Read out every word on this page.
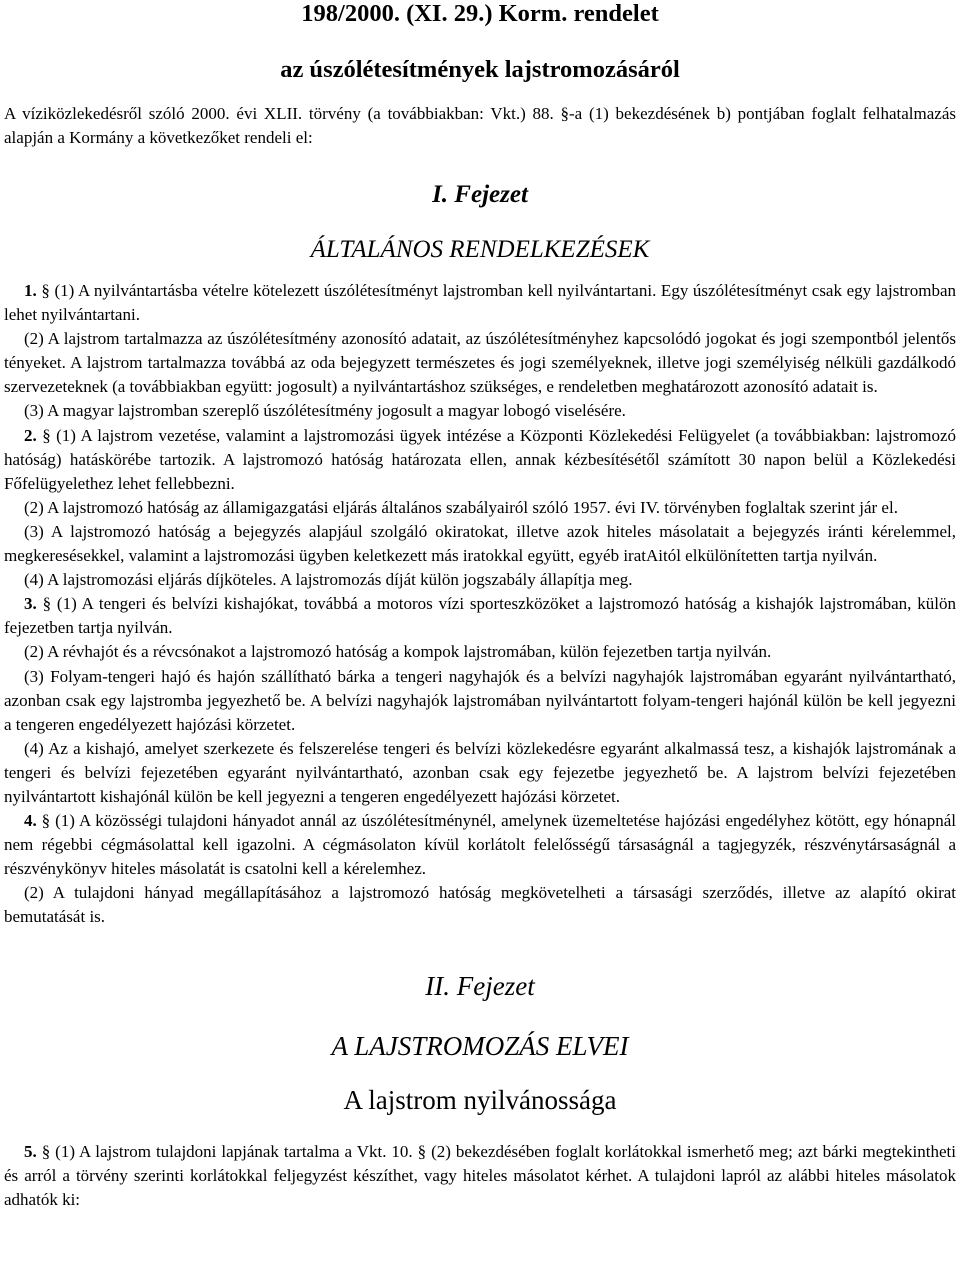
198/2000. (XI. 29.) Korm. rendelet
az úszólétesítmények lajstromozásáról

A víziközlekedésről szóló 2000. évi XLII. törvény (a továbbiakban: Vkt.) 88. §-a (1) bekezdésének b) pontjában foglalt felhatalmazás alapján a Kormány a következőket rendeli el:

I. Fejezet
ÁLTALÁNOS RENDELKEZÉSEK

1. § (1) A nyilvántartásba vételre kötelezett úszólétesítményt lajstromban kell nyilvántartani. Egy úszólétesítményt csak egy lajstromban lehet nyilvántartani.

(2) A lajstrom tartalmazza az úszólétesítmény azonosító adatait, az úszólétesítményhez kapcsolódó jogokat és jogi szempontból jelentős tényeket. A lajstrom tartalmazza továbbá az oda bejegyzett természetes és jogi személyeknek, illetve jogi személyiség nélküli gazdálkodó szervezeteknek (a továbbiakban együtt: jogosult) a nyilvántartáshoz szükséges, e rendeletben meghatározott azonosító adatait is.

(3) A magyar lajstromban szereplő úszólétesítmény jogosult a magyar lobogó viselésére.

2. § (1) A lajstrom vezetése, valamint a lajstromozási ügyek intézése a Központi Közlekedési Felügyelet (a továbbiakban: lajstromozó hatóság) hatáskörébe tartozik. A lajstromozó hatóság határozata ellen, annak kézbesítésétől számított 30 napon belül a Közlekedési Főfelügyelethez lehet fellebbezni.

(2) A lajstromozó hatóság az államigazgatási eljárás általános szabályairól szóló 1957. évi IV. törvényben foglaltak szerint jár el.

(3) A lajstromozó hatóság a bejegyzés alapjául szolgáló okiratokat, illetve azok hiteles másolatait a bejegyzés iránti kérelemmel, megkeresésekkel, valamint a lajstromozási ügyben keletkezett más iratokkal együtt, egyéb iratAitól elkülönítetten tartja nyilván.

(4) A lajstromozási eljárás díjköteles. A lajstromozás díját külön jogszabály állapítja meg.

3. § (1) A tengeri és belvízi kishajókat, továbbá a motoros vízi sporteszközöket a lajstromozó hatóság a kishajók lajstromában, külön fejezetben tartja nyilván.

(2) A révhajót és a révcsónakot a lajstromozó hatóság a kompok lajstromában, külön fejezetben tartja nyilván.

(3) Folyam-tengeri hajó és hajón szállítható bárka a tengeri nagyhajók és a belvízi nagyhajók lajstromában egyaránt nyilvántartható, azonban csak egy lajstromba jegyezhető be. A belvízi nagyhajók lajstromában nyilvántartott folyam-tengeri hajónál külön be kell jegyezni a tengeren engedélyezett hajózási körzetet.

(4) Az a kishajó, amelyet szerkezete és felszerelése tengeri és belvízi közlekedésre egyaránt alkalmassá tesz, a kishajók lajstromának a tengeri és belvízi fejezetében egyaránt nyilvántartható, azonban csak egy fejezetbe jegyezhető be. A lajstrom belvízi fejezetében nyilvántartott kishajónál külön be kell jegyezni a tengeren engedélyezett hajózási körzetet.

4. § (1) A közösségi tulajdoni hányadot annál az úszólétesítménynél, amelynek üzemeltetése hajózási engedélyhez kötött, egy hónapnál nem régebbi cégmásolattal kell igazolni. A cégmásolaton kívül korlátolt felelősségű társaságnál a tagjegyzék, részvénytársaságnál a részvénykönyv hiteles másolatát is csatolni kell a kérelemhez.

(2) A tulajdoni hányad megállapításához a lajstromozó hatóság megkövetelheti a társasági szerződés, illetve az alapító okirat bemutatását is.

II. Fejezet
A LAJSTROMOZÁS ELVEI
A lajstrom nyilvánossága

5. § (1) A lajstrom tulajdoni lapjának tartalma a Vkt. 10. § (2) bekezdésében foglalt korlátokkal ismerhető meg; azt bárki megtekintheti és arról a törvény szerinti korlátokkal feljegyzést készíthet, vagy hiteles másolatot kérhet. A tulajdoni lapról az alábbi hiteles másolatok adhatók ki:
